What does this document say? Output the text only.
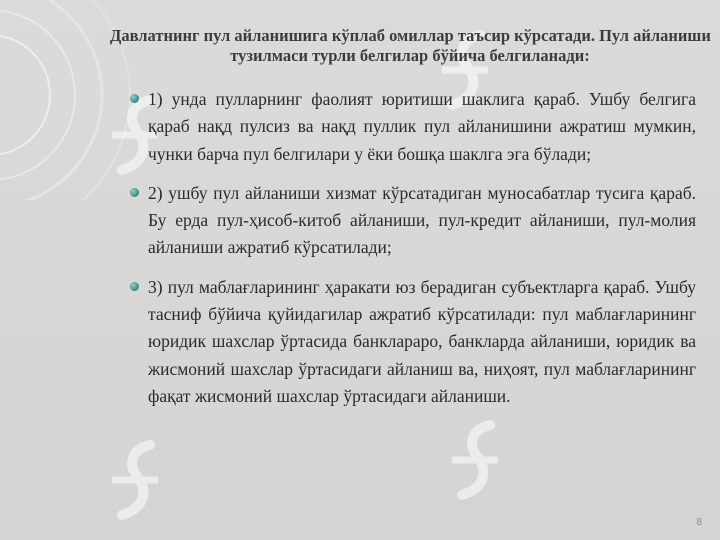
Давлатнинг пул айланишига кўплаб омиллар таъсир кўрсатади. Пул айланиши
тузилмаси турли белгилар бўйича белгиланади:
1) унда пулларнинг фаолият юритиши шаклига қараб. Ушбу белгига қараб нақд пулсиз ва нақд пуллик пул айланишини ажратиш мумкин, чунки барча пул белгилари у ёки бошқа шаклга эга бўлади;
2) ушбу пул айланиши хизмат кўрсатадиган муносабатлар тусига қараб. Бу ерда пул-ҳисоб-китоб айланиши, пул-кредит айланиши, пул-молия айланиши ажратиб кўрсатилади;
3) пул маблағларининг ҳаракати юз берадиган субъектларга қараб. Ушбу тасниф бўйича қуйидагилар ажратиб кўрсатилади: пул маблағларининг юридик шахслар ўртасида банклараро, банкларда айланиши, юридик ва жисмоний шахслар ўртасидаги айланиш ва, ниҳоят, пул маблағларининг фақат жисмоний шахслар ўртасидаги айланиши.
8
